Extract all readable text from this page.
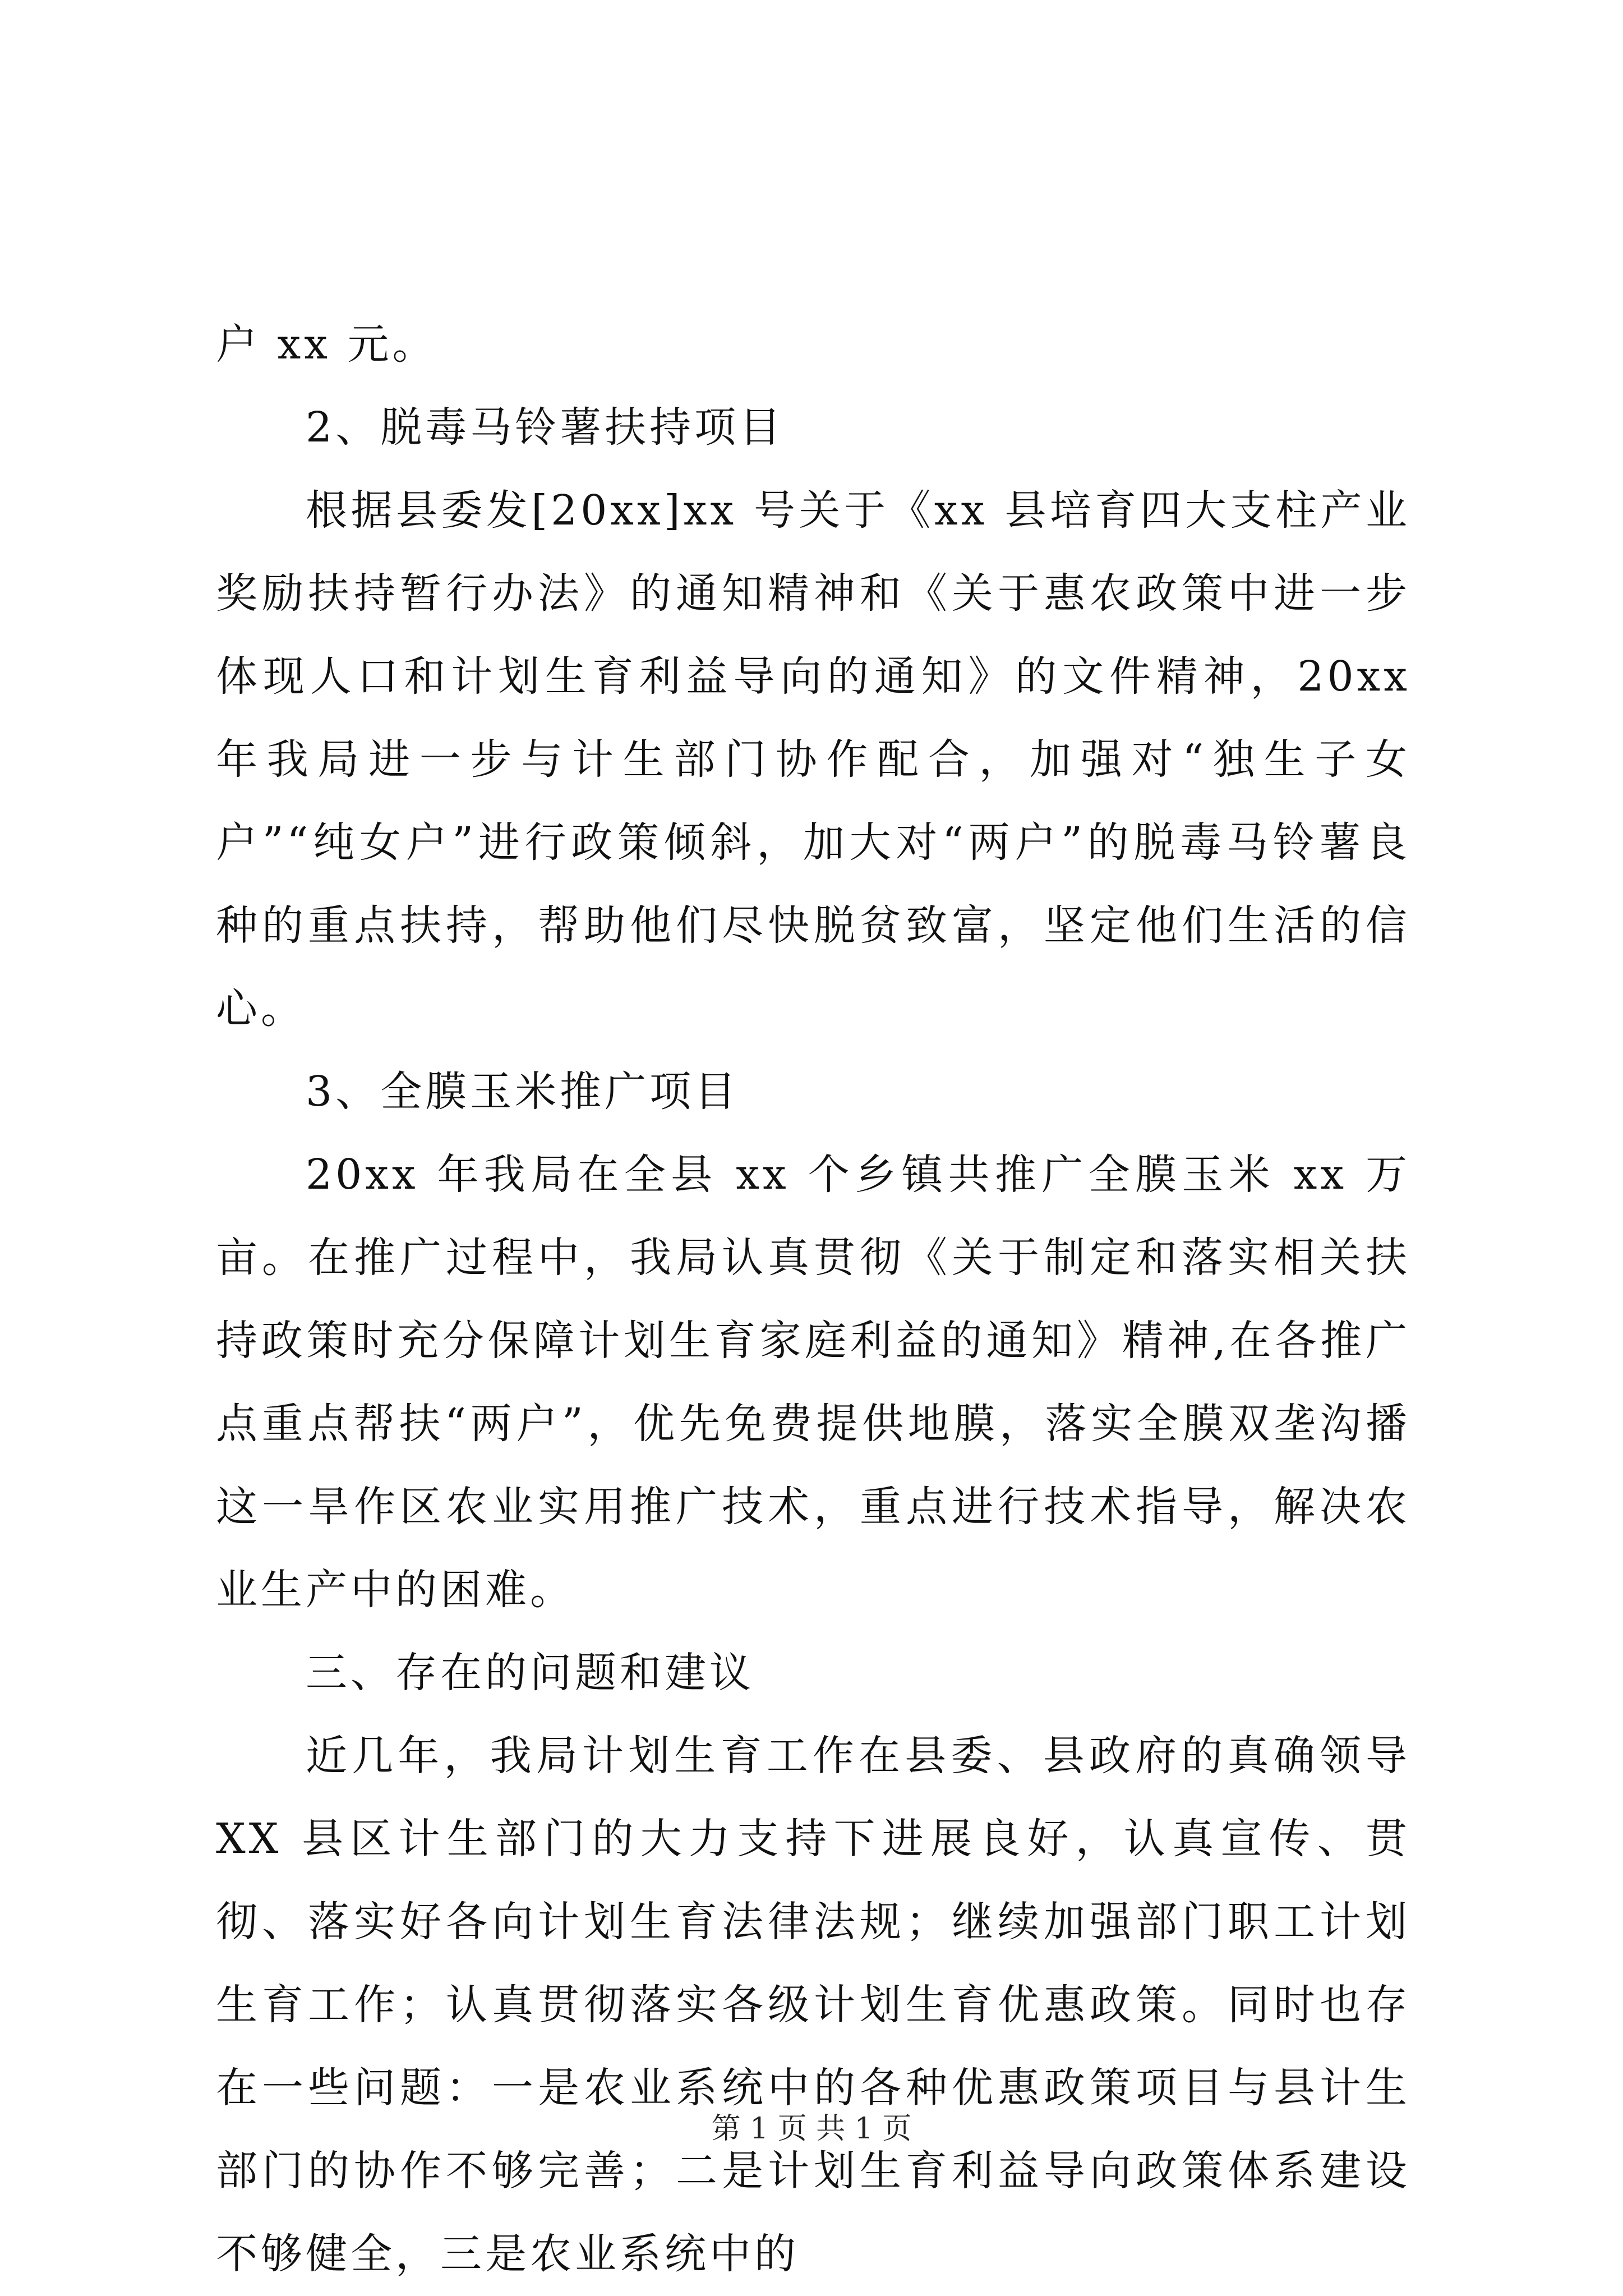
户 xx 元。

2、脱毒马铃薯扶持项目

根据县委发[20xx]xx 号关于《xx 县培育四大支柱产业奖励扶持暂行办法》的通知精神和《关于惠农政策中进一步体现人口和计划生育利益导向的通知》的文件精神，20xx 年我局进一步与计生部门协作配合，加强对“独生子女户”“纯女户”进行政策倾斜，加大对“两户”的脱毒马铃薯良种的重点扶持，帮助他们尽快脱贫致富，坚定他们生活的信心。

3、全膜玉米推广项目

20xx 年我局在全县 xx 个乡镇共推广全膜玉米 xx 万亩。在推广过程中，我局认真贯彻《关于制定和落实相关扶持政策时充分保障计划生育家庭利益的通知》精神,在各推广点重点帮扶“两户”，优先免费提供地膜，落实全膜双垄沟播这一旱作区农业实用推广技术，重点进行技术指导，解决农业生产中的困难。

三、存在的问题和建议

近几年，我局计划生育工作在县委、县政府的真确领导 XX 县区计生部门的大力支持下进展良好，认真宣传、贯彻、落实好各向计划生育法律法规；继续加强部门职工计划生育工作；认真贯彻落实各级计划生育优惠政策。同时也存在一些问题：一是农业系统中的各种优惠政策项目与县计生部门的协作不够完善；二是计划生育利益导向政策体系建设不够健全，三是农业系统中的

第 1 页 共 1 页
